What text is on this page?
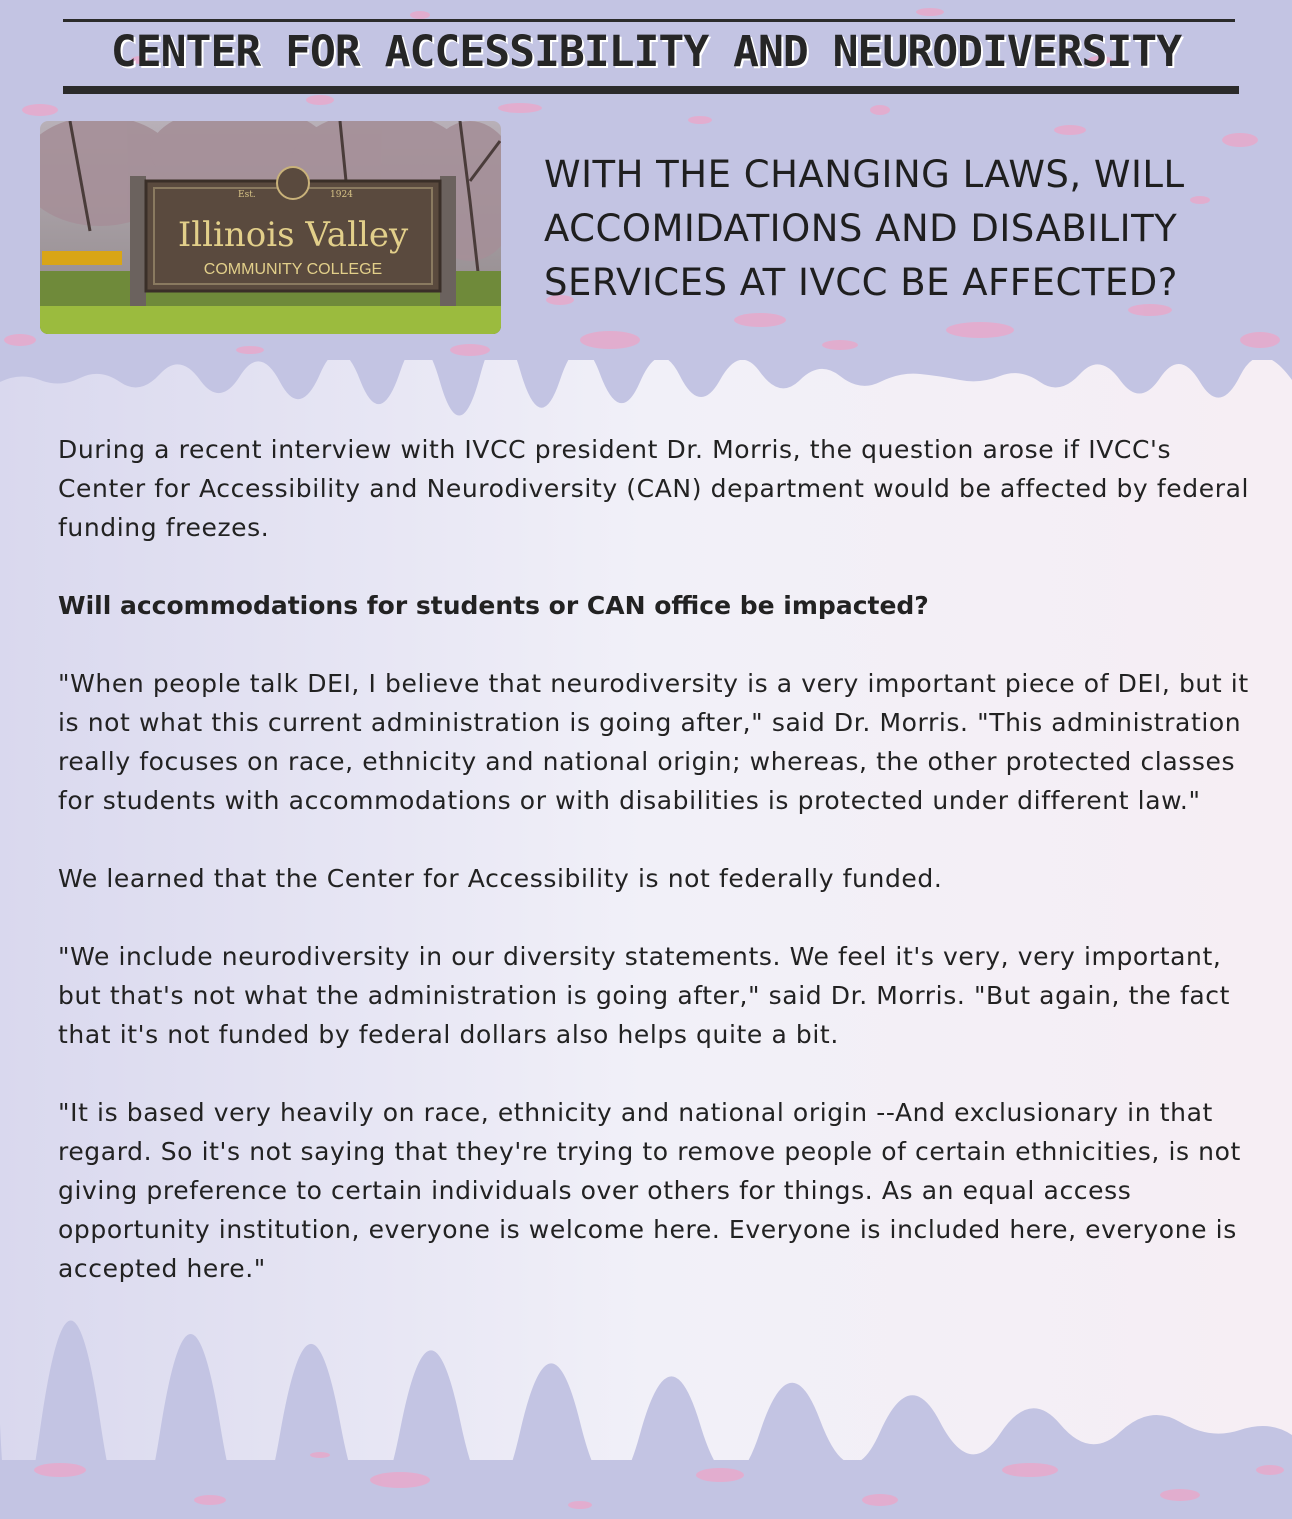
CENTER FOR ACCESSIBILITY AND NEURODIVERSITY
Est.	1924
Illinois Valley
COMMUNITY COLLEGE
WITH THE CHANGING LAWS, WILL
ACCOMIDATIONS AND DISABILITY
SERVICES AT IVCC BE AFFECTED?

During a recent interview with IVCC president Dr. Morris, the question arose if IVCC's Center for Accessibility and Neurodiversity (CAN) department would be affected by federal funding freezes.

Will accommodations for students or CAN office be impacted?

"When people talk DEI, I believe that neurodiversity is a very important piece of DEI, but it is not what this current administration is going after," said Dr. Morris. "This administration really focuses on race, ethnicity and national origin; whereas, the other protected classes for students with accommodations or with disabilities is protected under different law."

We learned that the Center for Accessibility is not federally funded.

"We include neurodiversity in our diversity statements. We feel it's very, very important, but that's not what the administration is going after," said Dr. Morris. "But again, the fact that it's not funded by federal dollars also helps quite a bit.

"It is based very heavily on race, ethnicity and national origin --And exclusionary in that regard. So it's not saying that they're trying to remove people of certain ethnicities, is not giving preference to certain individuals over others for things. As an equal access opportunity institution, everyone is welcome here. Everyone is included here, everyone is accepted here."
